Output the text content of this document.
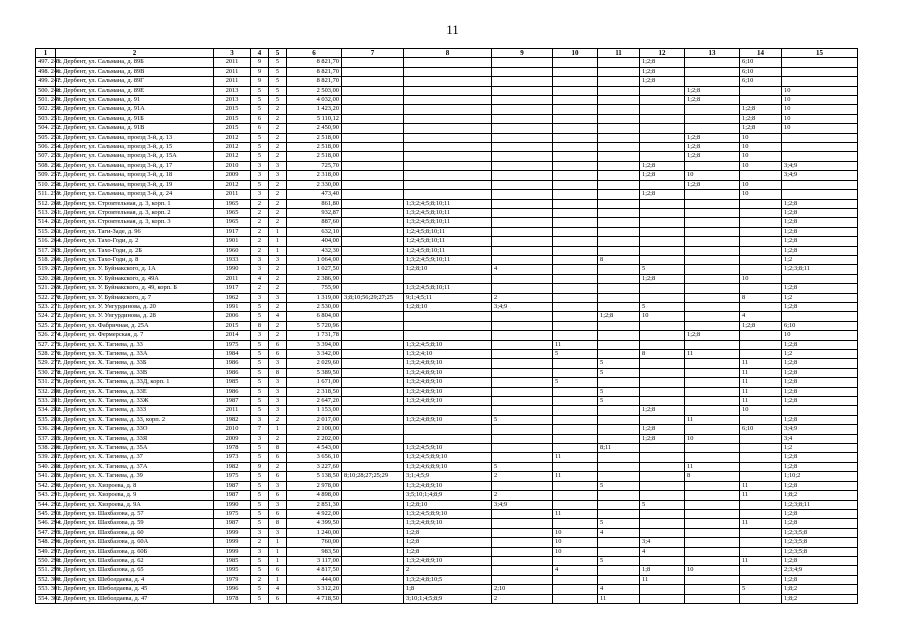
11
1	2	3	4	5	6	7	8	9	10	11	12	13	14	15
497. 245.	г. Дербент, ул. Сальмана, д. 89Б	2011	9	5	8 821,70						1;2;8		6;10	
498. 246.	г. Дербент, ул. Сальмана, д. 89В	2011	9	5	8 821,70						1;2;8		6;10	
499. 247.	г. Дербент, ул. Сальмана, д. 89Г	2011	9	5	8 821,70						1;2;8		6;10	
500. 248.	г. Дербент, ул. Сальмана, д. 89Е	2013	5	5	2 503,00							1;2;8		10
501. 249.	г. Дербент, ул. Сальмана, д. 91	2013	5	5	4 032,00							1;2;8		10
502. 250.	г. Дербент, ул. Сальмана, д. 91А	2015	5	2	1 423,20								1;2;8	10
503. 251.	г. Дербент, ул. Сальмана, д. 91Б	2015	6	2	5 110,12								1;2;8	10
504. 252.	г. Дербент, ул. Сальмана, д. 91В	2015	6	2	2 450,90								1;2;8	10
505. 253.	г. Дербент, ул. Сальмана, проезд 3-й, д. 13	2012	5	2	2 518,00							1;2;8	10	
506. 254.	г. Дербент, ул. Сальмана, проезд 3-й, д. 15	2012	5	2	2 518,00							1;2;8	10	
507. 255.	г. Дербент, ул. Сальмана, проезд 3-й, д. 15А	2012	5	2	2 518,00							1;2;8	10	
508. 256.	г. Дербент, ул. Сальмана, проезд 3-й, д. 17	2010	3	3	725,70						1;2;8		10	3;4;9
509. 257.	г. Дербент, ул. Сальмана, проезд 3-й, д. 18	2009	3	3	2 318,00						1;2;8	10		3;4;9
510. 258.	г. Дербент, ул. Сальмана, проезд 3-й, д. 19	2012	5	2	2 330,00							1;2;8	10	
511. 259.	г. Дербент, ул. Сальмана, проезд 3-й, д. 24	2011	3	2	473,40						1;2;8		10	
512. 260.	г. Дербент, ул. Строительная, д. 3, корп. 1	1965	2	2	861,80		1;3;2;4;5;8;10;11							1;2;8
513. 261.	г. Дербент, ул. Строительная, д. 3, корп. 2	1965	2	2	932,87		1;3;2;4;5;8;10;11							1;2;8
514. 262.	г. Дербент, ул. Строительная, д. 3, корп. 3	1965	2	2	887,60		1;3;2;4;5;8;10;11							1;2;8
515. 263.	г. Дербент, ул. Таги-Заде, д. 96	1917	2	1	632,10		1;2;4;5;8;10;11							1;2;8
516. 264.	г. Дербент, ул. Тахо-Годи, д. 2	1901	2	1	404,00		1;2;4;5;8;10;11							1;2;8
517. 265.	г. Дербент, ул. Тахо-Годи, д. 2Б	1960	2	1	432,30		1;2;4;5;8;10;11							1;2;8
518. 266.	г. Дербент, ул. Тахо-Годи, д. 8	1933	3	3	1 064,00		1;3;2;4;5;9;10;11			8				1;2
519. 267.	г. Дербент, ул. У. Буйнакского, д. 1А	1990	3	2	1 027,50		1;2;8;10	4			5			1;2;3;8;11
520. 268.	г. Дербент, ул. У. Буйнакского, д. 49А	2011	4	2	2 386,90						1;2;8		10	
521. 269.	г. Дербент, ул. У. Буйнакского, д. 49, корп. Б	1917	2	2	755,90		1;3;2;4;5;8;10;11							1;2;8
522. 270.	г. Дербент, ул. У. Буйнакского, д. 7	1962	3	3	1 319,00	3;8;10;56;29;27;25	9;1;4;5;11	2					8	1;2
523. 271.	г. Дербент, ул. У. Унгурдинова, д. 20	1991	5	2	2 530,00		1;2;8;10	3;4;9			5			1;2;8
524. 272.	г. Дербент, ул. У. Унгурдинова, д. 28	2006	5	4	6 804,00					1;2;8	10		4	
525. 273.	г. Дербент, ул. Фабричная, д. 25А	2015	8	2	5 720,96								1;2;8	6;10
526. 274.	г. Дербент, ул. Фермерская, д. 7	2014	3	2	1 731,78							1;2;8		10
527. 275.	г. Дербент, ул. Х. Тагиева, д. 33	1975	5	6	3 394,00		1;3;2;4;5;8;10		11					1;2;8
528. 276.	г. Дербент, ул. Х. Тагиева, д. 33А	1984	5	6	3 342,00		1;3;2;4;10		5		8	11		1;2
529. 277.	г. Дербент, ул. Х. Тагиева, д. 33Б	1986	5	3	2 029,60		1;3;2;4;8;9;10			5			11	1;2;8
530. 278.	г. Дербент, ул. Х. Тагиева, д. 33В	1986	5	8	5 389,50		1;3;2;4;8;9;10			5			11	1;2;8
531. 279.	г. Дербент, ул. Х. Тагиева, д. 33Д, корп. 1	1985	5	3	1 671,00		1;3;2;4;8;9;10		5				11	1;2;8
532. 280.	г. Дербент, ул. Х. Тагиева, д. 33Е	1986	5	3	2 318,50		1;3;2;4;8;9;10			5			11	1;2;8
533. 281.	г. Дербент, ул. Х. Тагиева, д. 33Ж	1987	5	3	2 647,20		1;3;2;4;8;9;10			5			11	1;2;8
534. 282.	г. Дербент, ул. Х. Тагиева, д. 33З	2011	5	3	1 153,00						1;2;8		10	
535. 283.	г. Дербент, ул. Х. Тагиева, д. 33, корп. 2	1982	3	2	2 017,00		1;3;2;4;8;9;10	5				11		1;2;8
536. 284.	г. Дербент, ул. Х. Тагиева, д. 33О	2010	7	1	2 100,00						1;2;8		6;10	3;4;9
537. 285.	г. Дербент, ул. Х. Тагиева, д. 33Я	2009	3	2	2 202,00						1;2;8	10		3;4
538. 286.	г. Дербент, ул. Х. Тагиева, д. 35А	1978	5	8	4 543,00		1;3;2;4;5;9;10			8;11				1;2
539. 287.	г. Дербент, ул. Х. Тагиева, д. 37	1973	5	6	3 656,10		1;3;2;4;5;8;9;10		11					1;2;8
540. 288.	г. Дербент, ул. Х. Тагиева, д. 37А	1982	9	2	3 227,60		1;3;2;4;6;8;9;10	5				11		1;2;8
541. 289.	г. Дербент, ул. Х. Тагиева, д. 39	1975	5	6	5 138,50	8;10;28;27;25;29	3;1;4;5;9	2	11			8		1;10;2
542. 290.	г. Дербент, ул. Хизроева, д. 8	1987	5	3	2 978,00		1;3;2;4;8;9;10			5			11	1;2;8
543. 291.	г. Дербент, ул. Хизроева, д. 9	1987	5	6	4 898,00		3;5;10;1;4;8;9	2					11	1;8;2
544. 292.	г. Дербент, ул. Хизроева, д. 9А	1990	5	3	2 851,30		1;2;8;10	3;4;9			5			1;2;3;8;11
545. 293.	г. Дербент, ул. Шахбазова, д. 57	1975	5	6	4 922,00		1;3;2;4;5;8;9;10		11					1;2;8
546. 294.	г. Дербент, ул. Шахбазова, д. 59	1987	5	8	4 399,50		1;3;2;4;8;9;10			5			11	1;2;8
547. 295.	г. Дербент, ул. Шахбазова, д. 60	1999	3	3	1 240,00		1;2;8		10	4				1;2;3;5;8
548. 296.	г. Дербент, ул. Шахбазова, д. 60А	1999	2	1	760,00		1;2;8		10		3;4			1;2;3;5;8
549. 297.	г. Дербент, ул. Шахбазова, д. 60Б	1999	3	1	983,50		1;2;8		10		4			1;2;3;5;8
550. 298.	г. Дербент, ул. Шахбазова, д. 62	1985	5	1	3 117,00		1;3;2;4;8;9;10			5			11	1;2;8
551. 299.	г. Дербент, ул. Шахбазова, д. 65	1995	5	6	4 817,50		2		4		1;8	10		2;3;4;9
552. 300.	г. Дербент, ул. Шеболдаева, д. 4	1979	2	1	444,00		1;3;2;4;8;10;5				11			1;2;8
553. 301.	г. Дербент, ул. Шеболдаева, д. 45	1996	5	4	3 312,20		1;8	2;10		4			5	1;8;2
554. 302.	г. Дербент, ул. Шеболдаева, д. 47	1978	5	6	4 718,50		3;10;1;4;5;8;9	2		11				1;8;2
